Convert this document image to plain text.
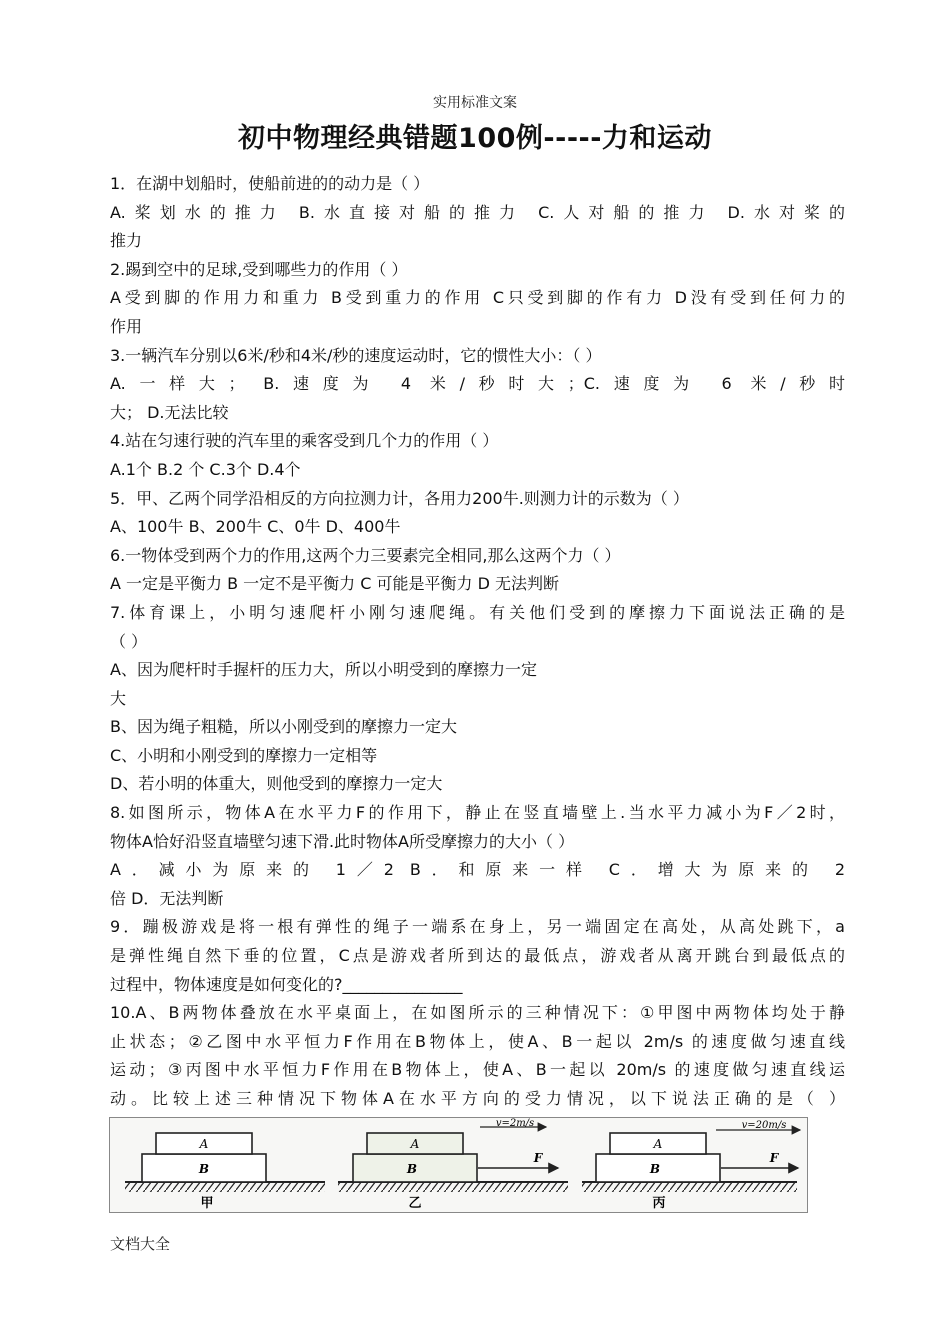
实用标准文案
初中物理经典错题100例-----力和运动
1．在湖中划船时，使船前进的的动力是（ ）
A.桨划水的推力 B.水直接对船的推力 C.人对船的推力 D.水对桨的
推力
2.踢到空中的足球,受到哪些力的作用（ ）
A受到脚的作用力和重力 B受到重力的作用 C只受到脚的作有力 D没有受到任何力的
作用
3.一辆汽车分别以6米/秒和4米/秒的速度运动时，它的惯性大小：（ ）
A.一样大； B.速度为 4 米/秒时大；C.速度为 6 米/秒时
大； D.无法比较
4.站在匀速行驶的汽车里的乘客受到几个力的作用（ ）
A.1个 B.2 个 C.3个 D.4个
5．甲、乙两个同学沿相反的方向拉测力计，各用力200牛.则测力计的示数为（ ）
A、100牛 B、200牛 C、0牛 D、400牛
6.一物体受到两个力的作用,这两个力三要素完全相同,那么这两个力（ ）
A 一定是平衡力 B 一定不是平衡力 C 可能是平衡力 D 无法判断
7.体育课上，小明匀速爬杆小刚匀速爬绳。有关他们受到的摩擦力下面说法正确的是
（ ）
A、因为爬杆时手握杆的压力大，所以小明受到的摩擦力一定
大
B、因为绳子粗糙，所以小刚受到的摩擦力一定大
C、小明和小刚受到的摩擦力一定相等
D、若小明的体重大，则他受到的摩擦力一定大
8.如图所示，物体A在水平力F的作用下，静止在竖直墙壁上.当水平力减小为F／2时，
物体A恰好沿竖直墙壁匀速下滑.此时物体A所受摩擦力的大小（ ）
A．减小为原来的 1／2 B．和原来一样 C．增大为原来的 2
倍 D．无法判断
9．蹦极游戏是将一根有弹性的绳子一端系在身上，另一端固定在高处，从高处跳下，a
是弹性绳自然下垂的位置，C点是游戏者所到达的最低点，游戏者从离开跳台到最低点的
过程中，物体速度是如何变化的?_______________
10.A、B两物体叠放在水平桌面上，在如图所示的三种情况下：①甲图中两物体均处于静
止状态；②乙图中水平恒力F作用在B物体上，使A、B一起以 2m/s 的速度做匀速直线
运动；③丙图中水平恒力F作用在B物体上，使A、B一起以 20m/s 的速度做匀速直线运
动。比较上述三种情况下物体A在水平方向的受力情况，以下说法正确的是（ ）
A
B
甲
A
B
F
v=2m/s
乙
A
B
F
v=20m/s
丙
文档大全
